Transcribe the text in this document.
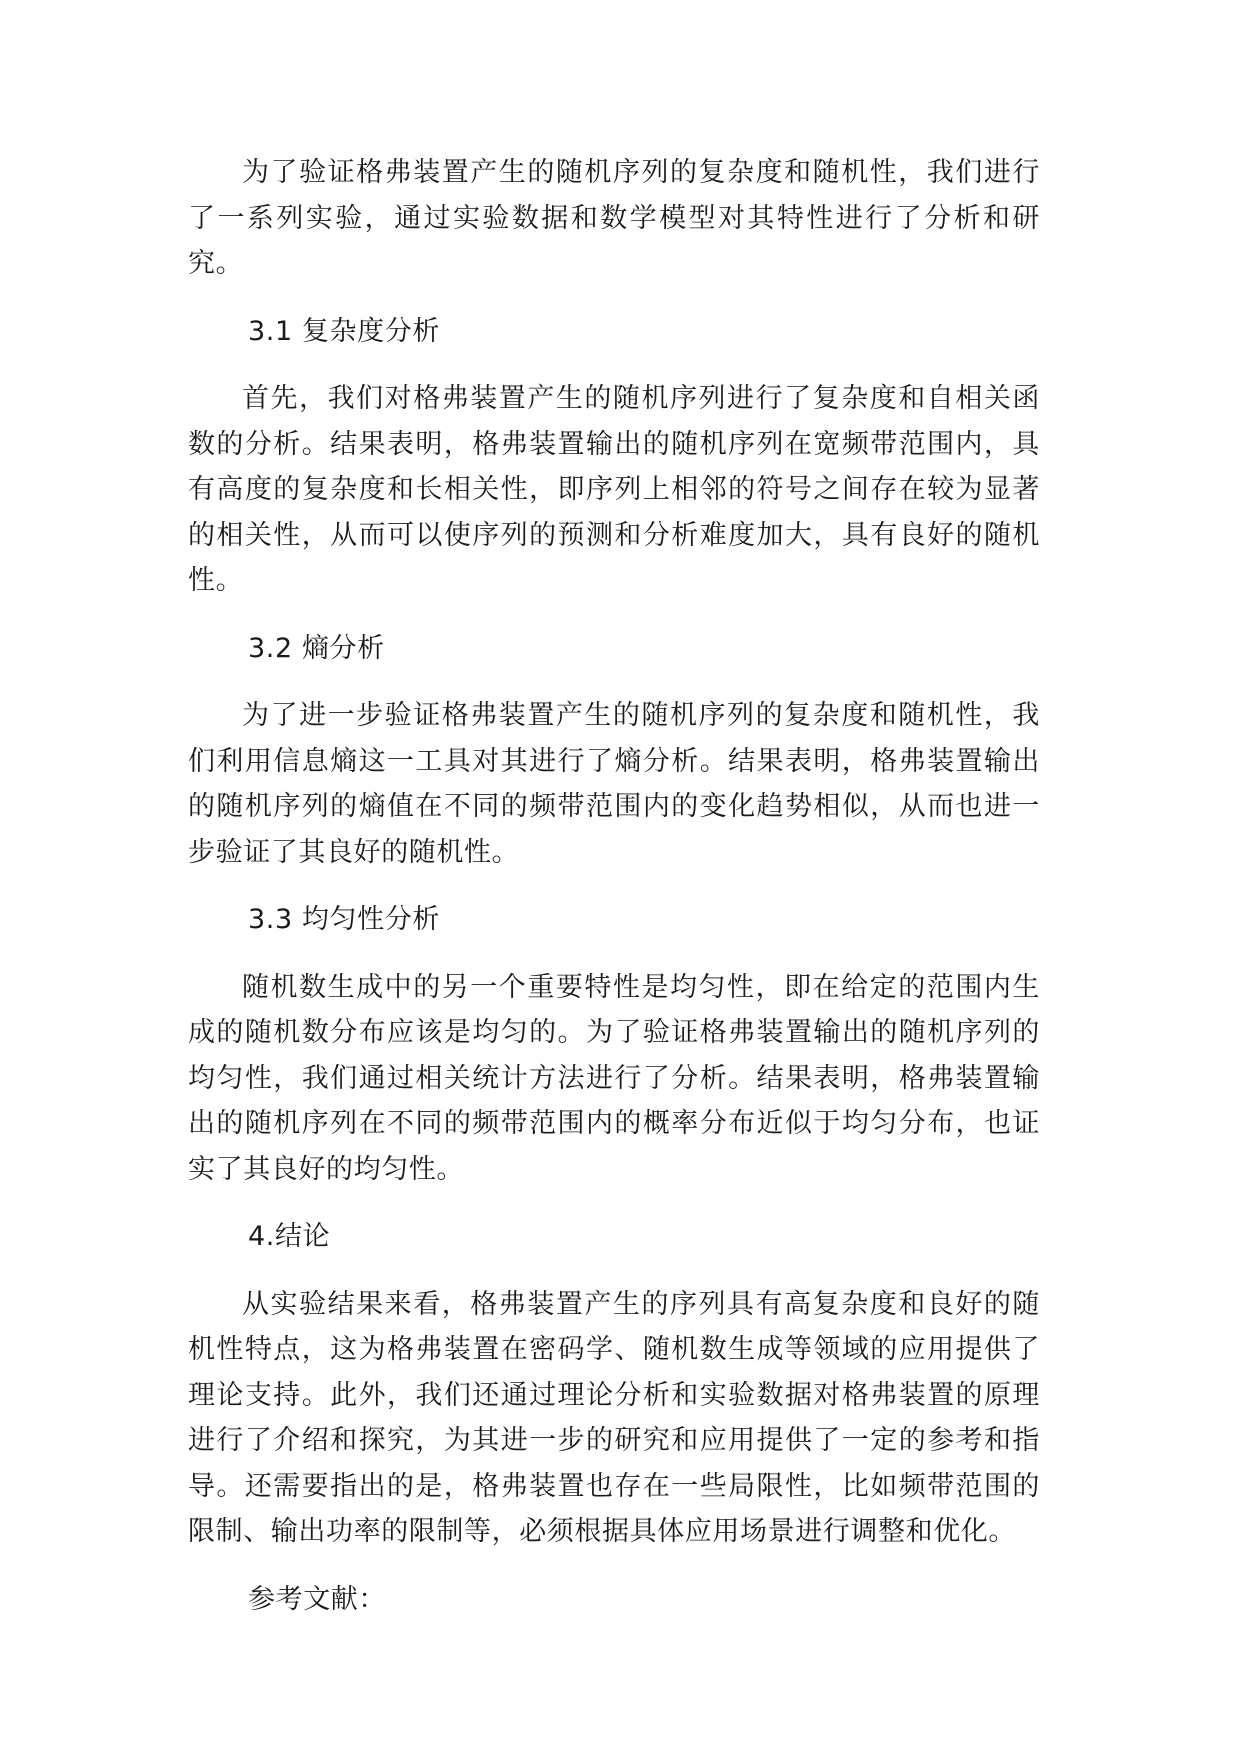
为了验证格弗装置产生的随机序列的复杂度和随机性，我们进行了一系列实验，通过实验数据和数学模型对其特性进行了分析和研究。

3.1 复杂度分析

首先，我们对格弗装置产生的随机序列进行了复杂度和自相关函数的分析。结果表明，格弗装置输出的随机序列在宽频带范围内，具有高度的复杂度和长相关性，即序列上相邻的符号之间存在较为显著的相关性，从而可以使序列的预测和分析难度加大，具有良好的随机性。

3.2 熵分析

为了进一步验证格弗装置产生的随机序列的复杂度和随机性，我们利用信息熵这一工具对其进行了熵分析。结果表明，格弗装置输出的随机序列的熵值在不同的频带范围内的变化趋势相似，从而也进一步验证了其良好的随机性。

3.3 均匀性分析

随机数生成中的另一个重要特性是均匀性，即在给定的范围内生成的随机数分布应该是均匀的。为了验证格弗装置输出的随机序列的均匀性，我们通过相关统计方法进行了分析。结果表明，格弗装置输出的随机序列在不同的频带范围内的概率分布近似于均匀分布，也证实了其良好的均匀性。

4.结论

从实验结果来看，格弗装置产生的序列具有高复杂度和良好的随机性特点，这为格弗装置在密码学、随机数生成等领域的应用提供了理论支持。此外，我们还通过理论分析和实验数据对格弗装置的原理进行了介绍和探究，为其进一步的研究和应用提供了一定的参考和指导。还需要指出的是，格弗装置也存在一些局限性，比如频带范围的限制、输出功率的限制等，必须根据具体应用场景进行调整和优化。

参考文献：
